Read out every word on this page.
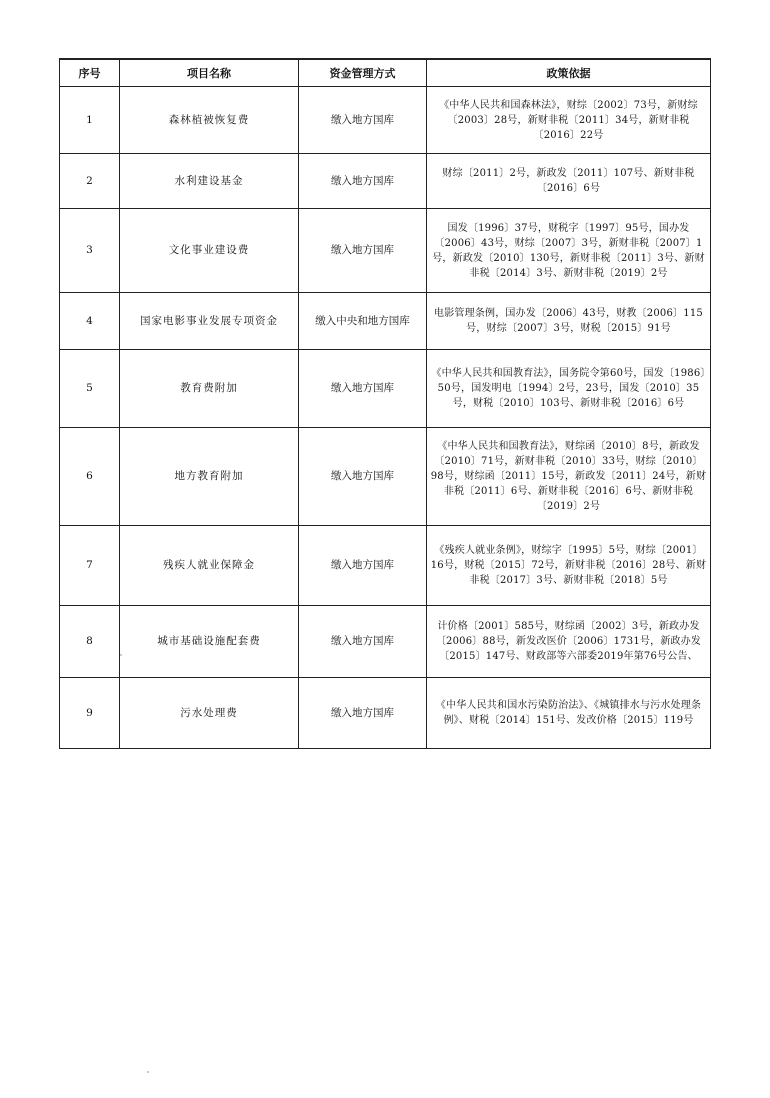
序号	项目名称	资金管理方式	政策依据
1	森林植被恢复费	缴入地方国库	《中华人民共和国森林法》，财综〔2002〕73号，新财综〔2003〕28号，新财非税〔2011〕34号，新财非税〔2016〕22号
2	水利建设基金	缴入地方国库	财综〔2011〕2号，新政发〔2011〕107号、新财非税〔2016〕6号
3	文化事业建设费	缴入地方国库	国发〔1996〕37号，财税字〔1997〕95号，国办发〔2006〕43号，财综〔2007〕3号，新财非税〔2007〕1号，新政发〔2010〕130号，新财非税〔2011〕3号、新财非税〔2014〕3号、新财非税〔2019〕2号
4	国家电影事业发展专项资金	缴入中央和地方国库	电影管理条例，国办发〔2006〕43号，财教〔2006〕115号，财综〔2007〕3号，财税〔2015〕91号
5	教育费附加	缴入地方国库	《中华人民共和国教育法》，国务院令第60号，国发〔1986〕50号，国发明电〔1994〕2号，23号，国发〔2010〕35号，财税〔2010〕103号、新财非税〔2016〕6号
6	地方教育附加	缴入地方国库	《中华人民共和国教育法》，财综函〔2010〕8号，新政发〔2010〕71号，新财非税〔2010〕33号，财综〔2010〕98号，财综函〔2011〕15号，新政发〔2011〕24号，新财非税〔2011〕6号、新财非税〔2016〕6号、新财非税〔2019〕2号
7	残疾人就业保障金	缴入地方国库	《残疾人就业条例》，财综字〔1995〕5号，财综〔2001〕16号，财税〔2015〕72号，新财非税〔2016〕28号、新财非税〔2017〕3号、新财非税〔2018〕5号
8	城市基础设施配套费	缴入地方国库	计价格〔2001〕585号，财综函〔2002〕3号，新政办发〔2006〕88号，新发改医价〔2006〕1731号，新政办发〔2015〕147号、财政部等六部委2019年第76号公告、
9	污水处理费	缴入地方国库	《中华人民共和国水污染防治法》、《城镇排水与污水处理条例》、财税〔2014〕151号、发改价格〔2015〕119号
